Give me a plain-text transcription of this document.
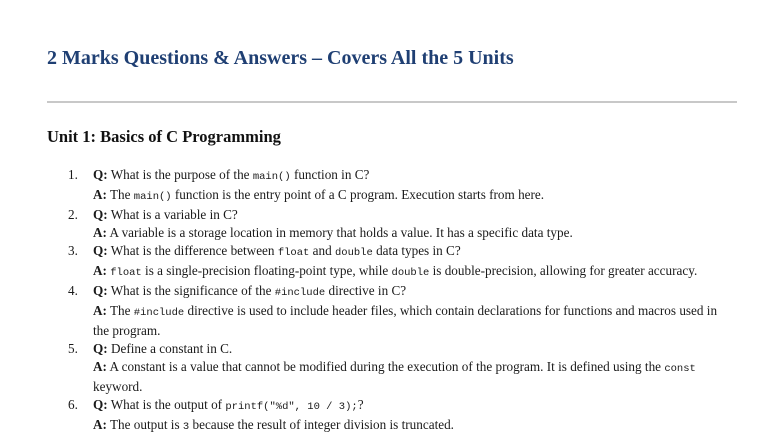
2 Marks Questions & Answers – Covers All the 5 Units
Unit 1: Basics of C Programming
1. Q: What is the purpose of the main() function in C?
A: The main() function is the entry point of a C program. Execution starts from here.
2. Q: What is a variable in C?
A: A variable is a storage location in memory that holds a value. It has a specific data type.
3. Q: What is the difference between float and double data types in C?
A: float is a single-precision floating-point type, while double is double-precision, allowing for greater accuracy.
4. Q: What is the significance of the #include directive in C?
A: The #include directive is used to include header files, which contain declarations for functions and macros used in the program.
5. Q: Define a constant in C.
A: A constant is a value that cannot be modified during the execution of the program. It is defined using the const keyword.
6. Q: What is the output of printf("%d", 10 / 3);?
A: The output is 3 because the result of integer division is truncated.
